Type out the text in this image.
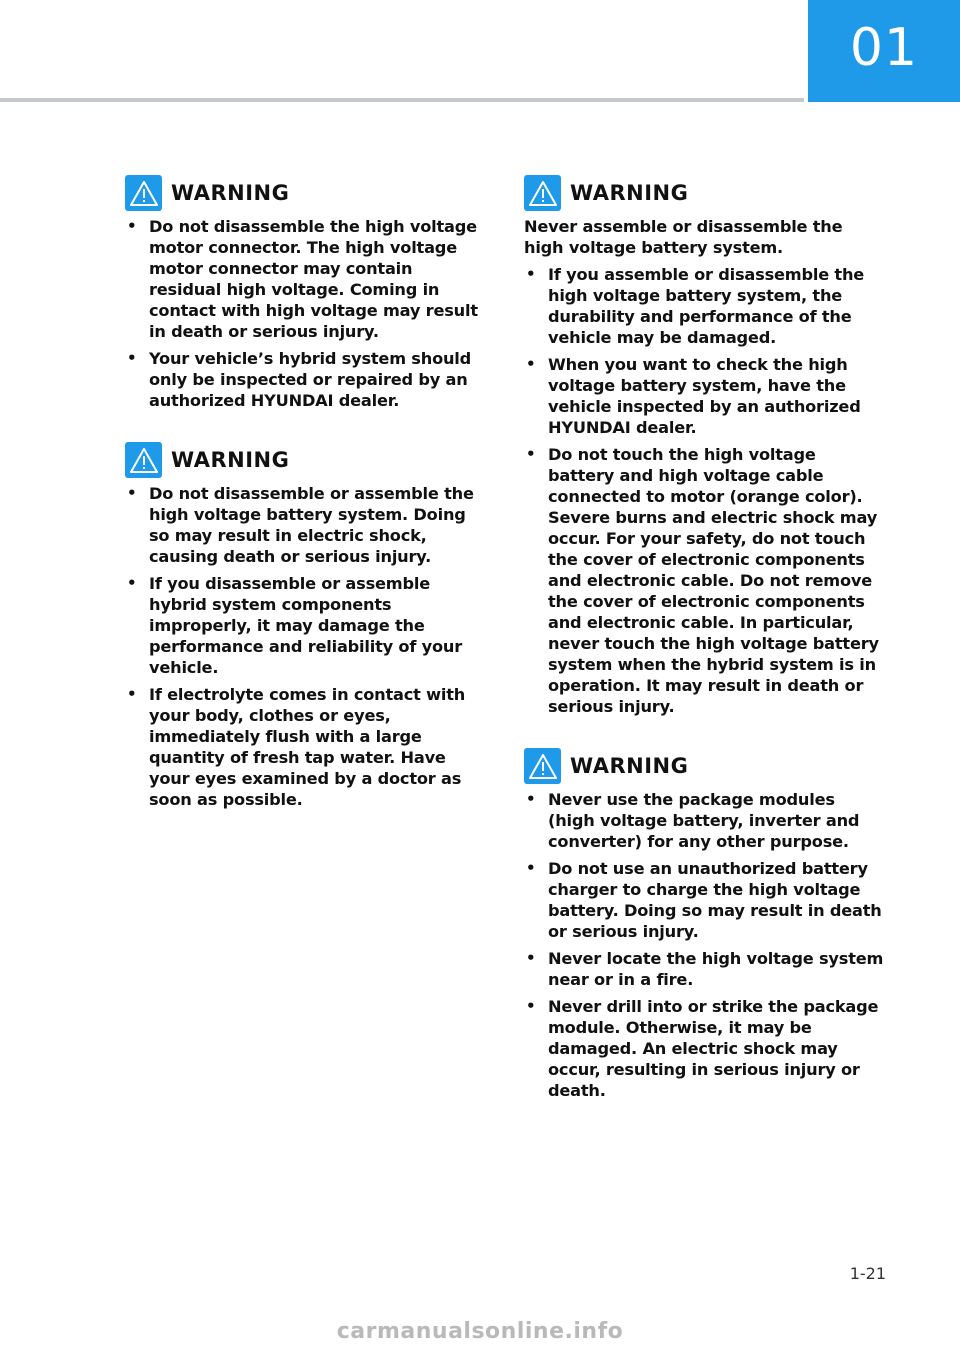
01
WARNING
• Do not disassemble the high voltage motor connector. The high voltage motor connector may contain residual high voltage. Coming in contact with high voltage may result in death or serious injury.
• Your vehicle’s hybrid system should only be inspected or repaired by an authorized HYUNDAI dealer.
WARNING
• Do not disassemble or assemble the high voltage battery system. Doing so may result in electric shock, causing death or serious injury.
• If you disassemble or assemble hybrid system components improperly, it may damage the performance and reliability of your vehicle.
• If electrolyte comes in contact with your body, clothes or eyes, immediately flush with a large quantity of fresh tap water. Have your eyes examined by a doctor as soon as possible.
WARNING

Never assemble or disassemble the high voltage battery system.

• If you assemble or disassemble the high voltage battery system, the durability and performance of the vehicle may be damaged.
• When you want to check the high voltage battery system, have the vehicle inspected by an authorized HYUNDAI dealer.
• Do not touch the high voltage battery and high voltage cable connected to motor (orange color). Severe burns and electric shock may occur. For your safety, do not touch the cover of electronic components and electronic cable. Do not remove the cover of electronic components and electronic cable. In particular, never touch the high voltage battery system when the hybrid system is in operation. It may result in death or serious injury.
WARNING
• Never use the package modules (high voltage battery, inverter and converter) for any other purpose.
• Do not use an unauthorized battery charger to charge the high voltage battery. Doing so may result in death or serious injury.
• Never locate the high voltage system near or in a fire.
• Never drill into or strike the package module. Otherwise, it may be damaged. An electric shock may occur, resulting in serious injury or death.
1-21
carmanualsonline.info
